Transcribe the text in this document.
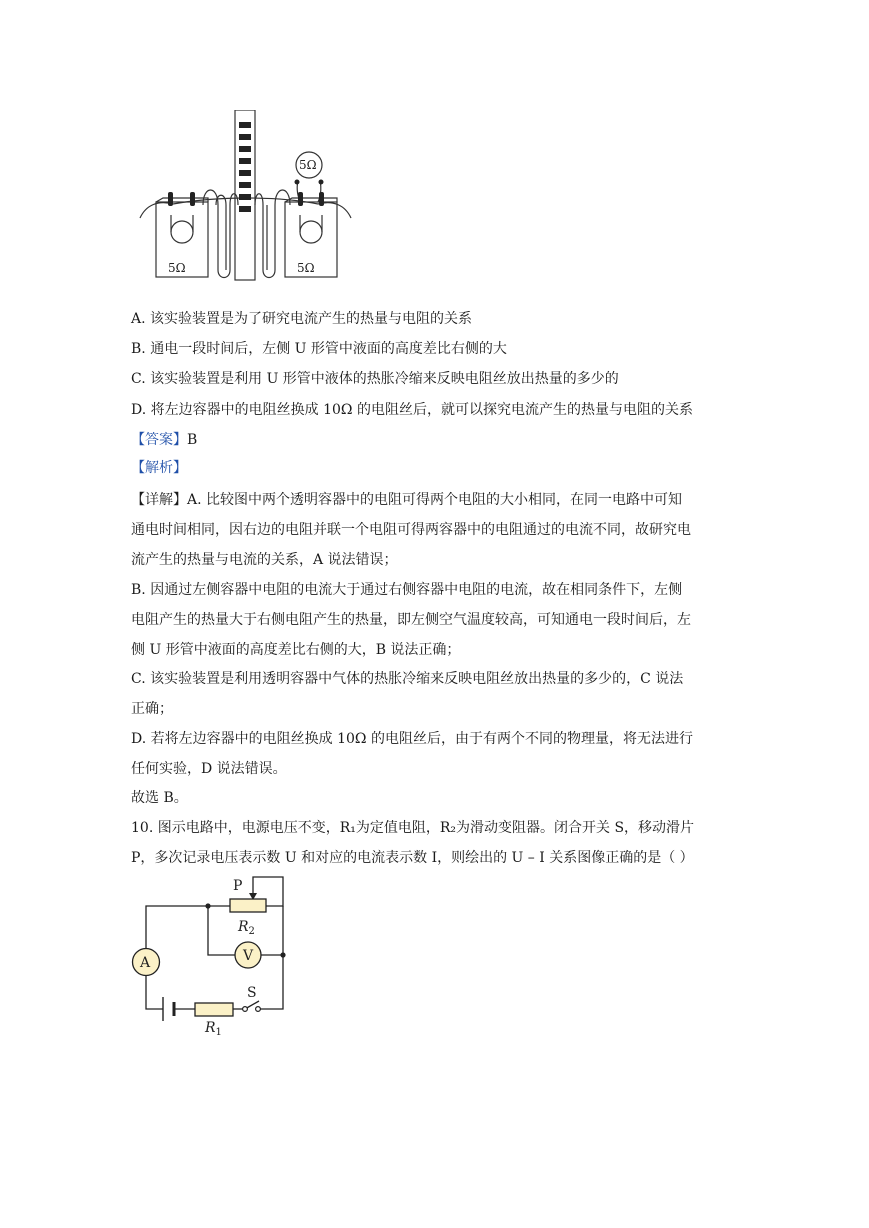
5Ω	5Ω
5Ω
A. 该实验装置是为了研究电流产生的热量与电阻的关系
B. 通电一段时间后，左侧 U 形管中液面的高度差比右侧的大
C. 该实验装置是利用 U 形管中液体的热胀冷缩来反映电阻丝放出热量的多少的
D. 将左边容器中的电阻丝换成 10Ω 的电阻丝后，就可以探究电流产生的热量与电阻的关系
【答案】B
【解析】
【详解】A. 比较图中两个透明容器中的电阻可得两个电阻的大小相同，在同一电路中可知
通电时间相同，因右边的电阻并联一个电阻可得两容器中的电阻通过的电流不同，故研究电
流产生的热量与电流的关系，A 说法错误；
B. 因通过左侧容器中电阻的电流大于通过右侧容器中电阻的电流，故在相同条件下，左侧
电阻产生的热量大于右侧电阻产生的热量，即左侧空气温度较高，可知通电一段时间后，左
侧 U 形管中液面的高度差比右侧的大，B 说法正确；
C. 该实验装置是利用透明容器中气体的热胀冷缩来反映电阻丝放出热量的多少的，C 说法
正确；
D. 若将左边容器中的电阻丝换成 10Ω 的电阻丝后，由于有两个不同的物理量，将无法进行
任何实验，D 说法错误。
故选 B。
10. 图示电路中，电源电压不变，R₁为定值电阻，R₂为滑动变阻器。闭合开关 S，移动滑片
P，多次记录电压表示数 U 和对应的电流表示数 I，则绘出的 U – I 关系图像正确的是（ ）
P
$R_2$
V
A
S
$R_1$
